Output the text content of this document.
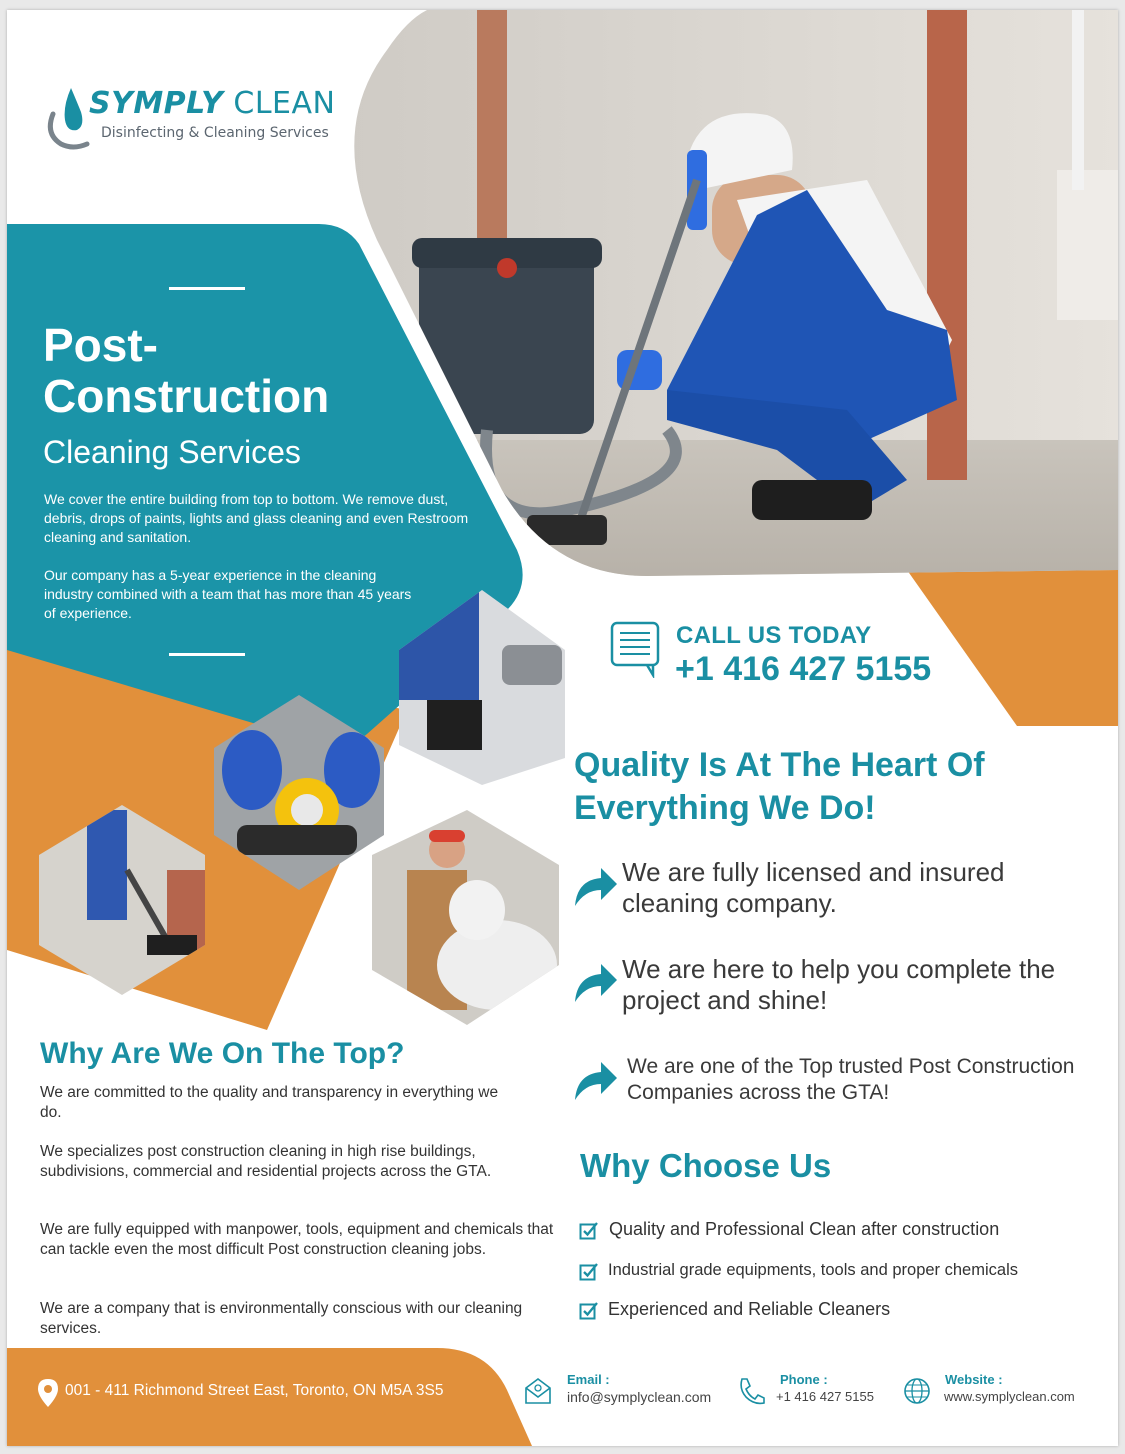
SYMPLY CLEAN
Disinfecting & Cleaning Services
Post-
Construction
Cleaning Services
We cover the entire building from top to bottom. We remove dust, debris, drops of paints, lights and glass cleaning and even Restroom cleaning and sanitation.
Our company has a 5-year experience in the cleaning industry combined with a team that has more than 45 years of experience.
CALL US TODAY
+1 416 427 5155
Quality Is At The Heart Of Everything We Do!
We are fully licensed and insured cleaning company.
We are here to help you complete the project and shine!
We are one of the Top trusted Post Construction Companies across the GTA!
Why Are We On The Top?
We are committed to the quality and transparency in everything we do.
We specializes post construction cleaning in high rise buildings, subdivisions, commercial and residential projects across the GTA.
We are fully equipped with manpower, tools, equipment and chemicals that can tackle even the most difficult Post construction cleaning jobs.
We are a company that is environmentally conscious with our cleaning services.
Why Choose Us
Quality and Professional Clean after construction
Industrial grade equipments, tools and proper chemicals
Experienced and Reliable Cleaners
001 - 411 Richmond Street East, Toronto, ON M5A 3S5
Email :
info@symplyclean.com
Phone :
+1 416 427 5155
Website :
www.symplyclean.com
